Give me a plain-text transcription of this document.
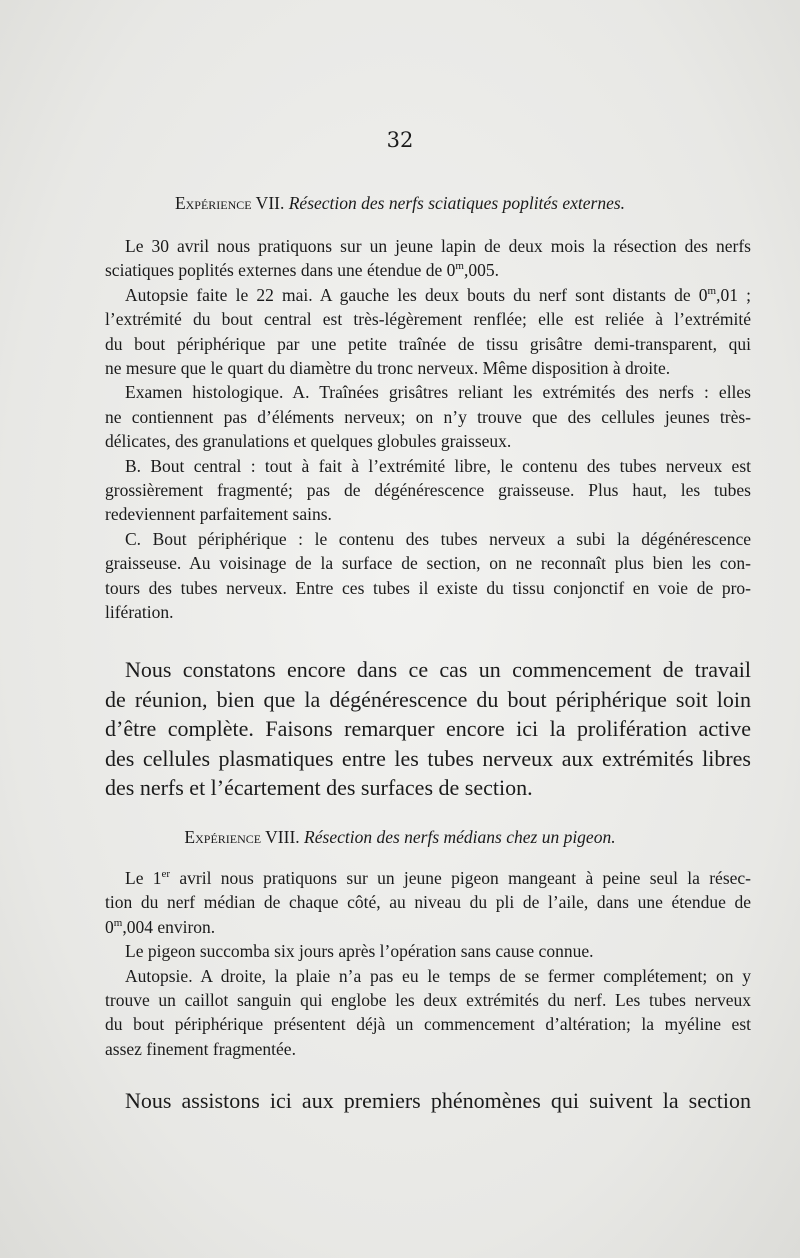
32
Expérience VII. Résection des nerfs sciatiques poplités externes.
Le 30 avril nous pratiquons sur un jeune lapin de deux mois la résection des nerfs
sciatiques poplités externes dans une étendue de 0$^m$,005.
Autopsie faite le 22 mai. A gauche les deux bouts du nerf sont distants de 0$^m$,01 ;
l’extrémité du bout central est très-légèrement renflée; elle est reliée à l’extrémité
du bout périphérique par une petite traînée de tissu grisâtre demi-transparent, qui
ne mesure que le quart du diamètre du tronc nerveux. Même disposition à droite.
Examen histologique. A. Traînées grisâtres reliant les extrémités des nerfs : elles
ne contiennent pas d’éléments nerveux; on n’y trouve que des cellules jeunes très-
délicates, des granulations et quelques globules graisseux.
B. Bout central : tout à fait à l’extrémité libre, le contenu des tubes nerveux est
grossièrement fragmenté; pas de dégénérescence graisseuse. Plus haut, les tubes
redeviennent parfaitement sains.
C. Bout périphérique : le contenu des tubes nerveux a subi la dégénérescence
graisseuse. Au voisinage de la surface de section, on ne reconnaît plus bien les con-
tours des tubes nerveux. Entre ces tubes il existe du tissu conjonctif en voie de pro-
lifération.
Nous constatons encore dans ce cas un commencement de travail
de réunion, bien que la dégénérescence du bout périphérique soit loin
d’être complète. Faisons remarquer encore ici la prolifération active
des cellules plasmatiques entre les tubes nerveux aux extrémités libres
des nerfs et l’écartement des surfaces de section.
Expérience VIII. Résection des nerfs médians chez un pigeon.
Le 1er avril nous pratiquons sur un jeune pigeon mangeant à peine seul la résec-
tion du nerf médian de chaque côté, au niveau du pli de l’aile, dans une étendue de
0$^m$,004 environ.
Le pigeon succomba six jours après l’opération sans cause connue.
Autopsie. A droite, la plaie n’a pas eu le temps de se fermer complétement; on y
trouve un caillot sanguin qui englobe les deux extrémités du nerf. Les tubes nerveux
du bout périphérique présentent déjà un commencement d’altération; la myéline est
assez finement fragmentée.
Nous assistons ici aux premiers phénomènes qui suivent la section
